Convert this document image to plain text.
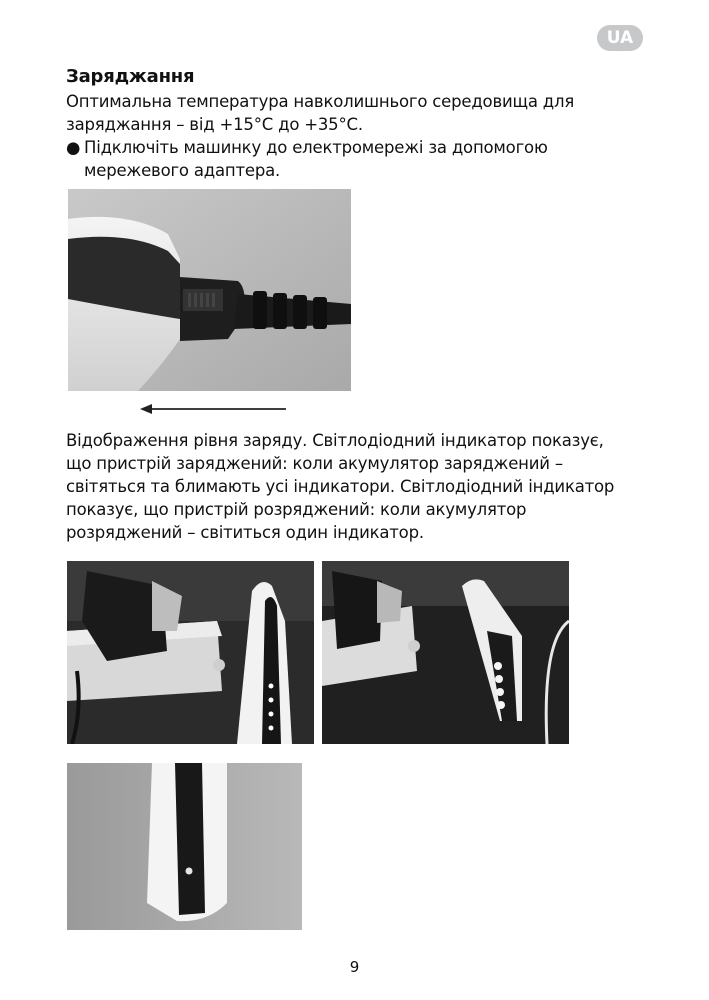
UA
Заряджання
Оптимальна температура навколишнього середовища для заряджання – від +15°C до +35°C.
● Підключіть машинку до електромережі за допомогою мережевого адаптера.
Відображення рівня заряду. Світлодіодний індикатор показує, що пристрій заряджений: коли акумулятор заряджений – світяться та блимають усі індикатори. Світлодіодний індикатор показує, що пристрій розряджений: коли акумулятор розряджений – світиться один індикатор.
9
